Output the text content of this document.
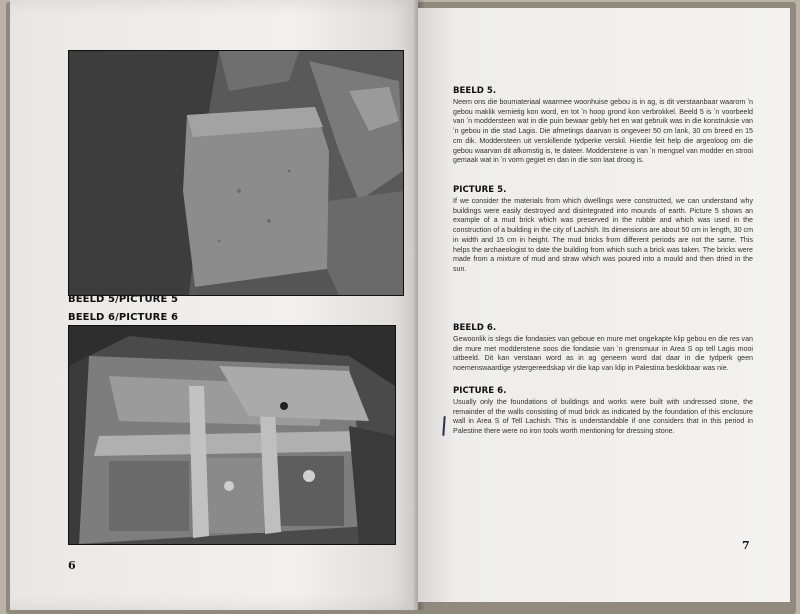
BEELD 5/PICTURE 5
BEELD 6/PICTURE 6
6

BEELD 5.

Neem ons die boumateriaal waarmee woonhuise gebou is in ag, is dit verstaanbaar waarom ʼn gebou maklik vernietig kon word, en tot ʼn hoop grond kon verbrokkel. Beeld 5 is ʼn voorbeeld van ʼn moddersteen wat in die puin bewaar gebly het en wat gebruik was in die konstruksie van ʼn gebou in die stad Lagis. Die afmetings daarvan is ongeveer 50 cm lank, 30 cm breed en 15 cm dik. Moddersteen uit verskillende tydperke verskil. Hierdie feit help die argeoloog om die gebou waarvan dit afkomstig is, te dateer. Modderstene is van ʼn mengsel van modder en strooi gemaak wat in ʼn vorm gegiet en dan in die son laat droog is.

PICTURE 5.

If we consider the materials from which dwellings were constructed, we can understand why buildings were easily destroyed and disintegrated into mounds of earth. Picture 5 shows an example of a mud brick which was preserved in the rubble and which was used in the construction of a building in the city of Lachish. Its dimensions are about 50 cm in length, 30 cm in width and 15 cm in height. The mud bricks from different periods are not the same. This helps the archaeologist to date the building from which such a brick was taken. The bricks were made from a mixture of mud and straw which was poured into a mould and then dried in the sun.

BEELD 6.

Gewoonlik is slegs die fondasies van geboue en mure met ongekapte klip gebou en die res van die mure met modderstene soos die fondasie van ʼn grensmuur in Area S op tell Lagis mooi uitbeeld. Dit kan verstaan word as in ag geneem word dat daar in die tydperk geen noemenswaardige ystergereedskap vir die kap van klip in Palestina beskikbaar was nie.

PICTURE 6.

Usually only the foundations of buildings and works were built with undressed stone, the remainder of the walls consisting of mud brick as indicated by the foundation of this enclosure wall in Area S of Tell Lachish. This is understandable if one considers that in this period in Palestine there were no iron tools worth mentioning for dressing stone.

7
